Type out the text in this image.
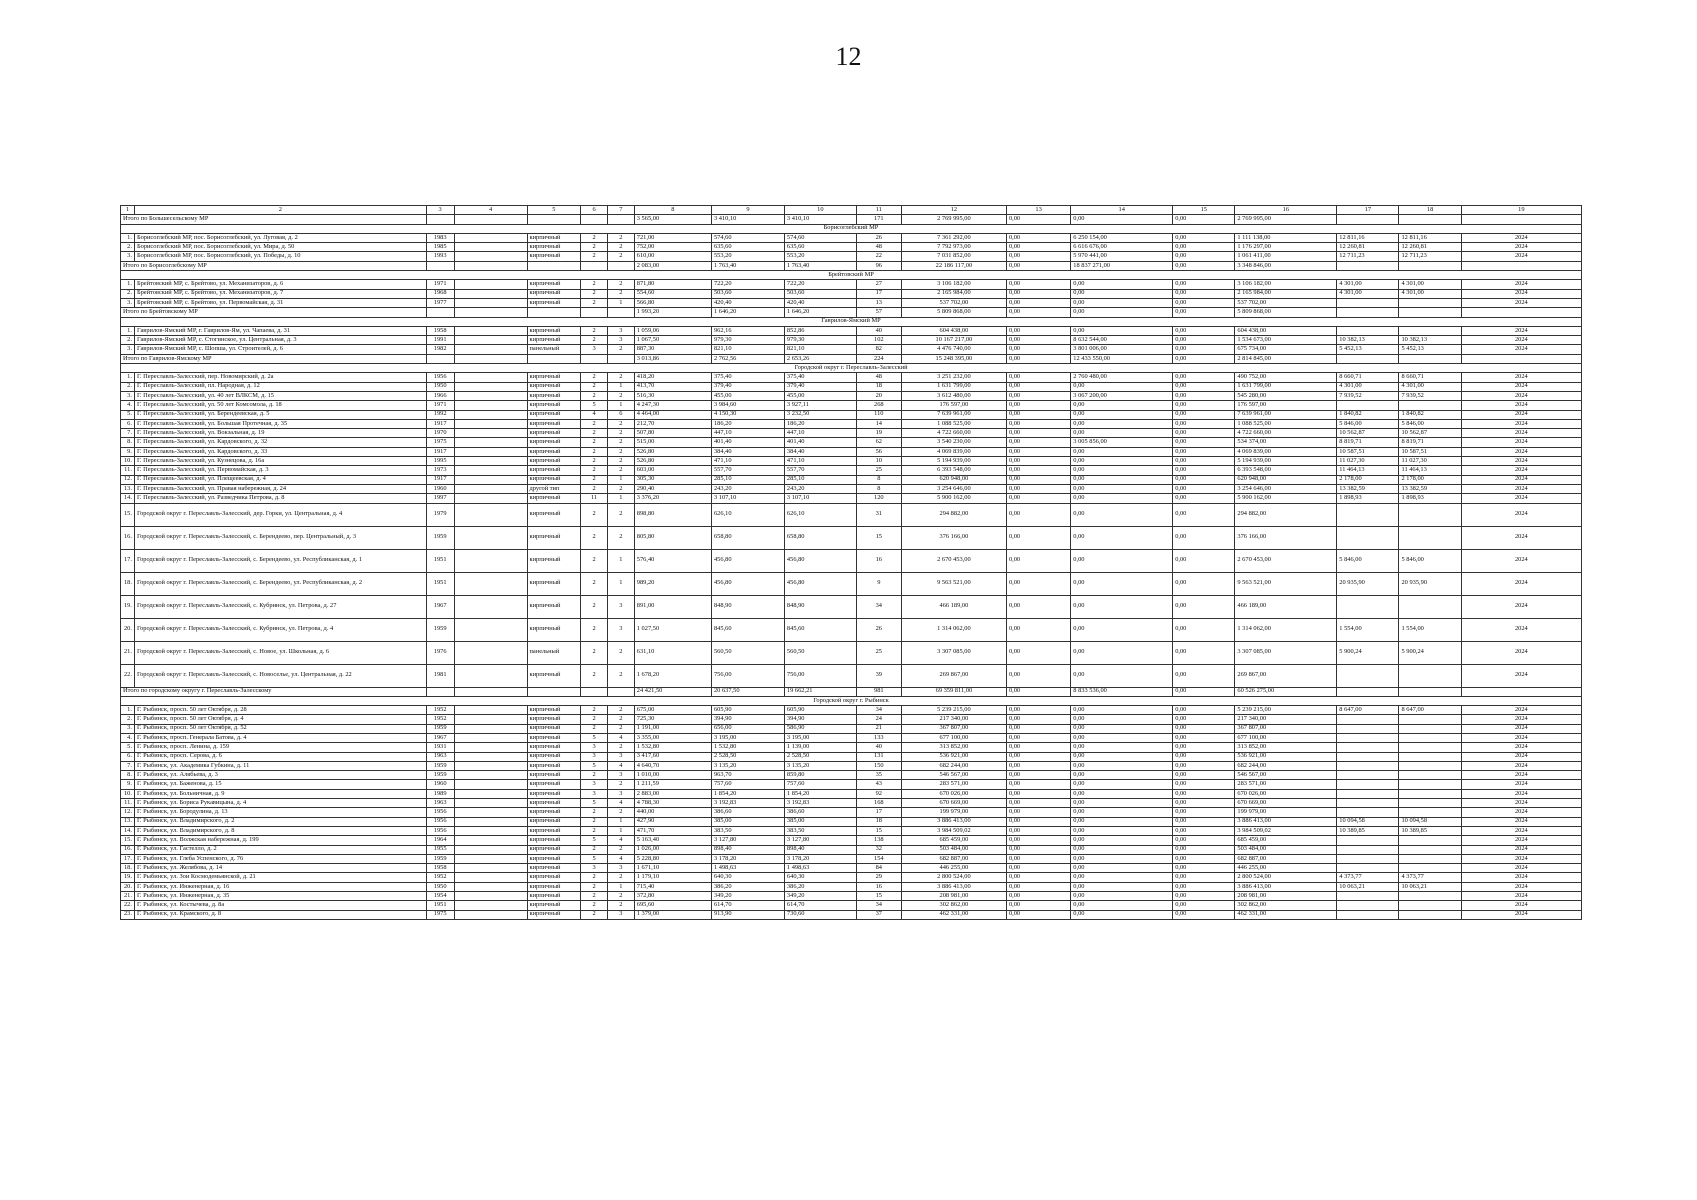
12
1	2	3	4	5	6	7	8	9	10	11	12	13	14	15	16	17	18	19
Итого по Большесельскому МР							3 565,00	3 410,10	3 410,10	171	2 769 995,00	0,00	0,00	0,00	2 769 995,00			
Борисоглебский МР																		
1.	Борисоглебский МР, пос. Борисоглебский, ул. Луговая, д. 2	1983		кирпичный	2	2	721,00	574,60	574,60	26	7 361 292,00	0,00	6 250 154,00	0,00	1 111 138,00	12 811,16	12 811,16	2024
2.	Борисоглебский МР, пос. Борисоглебский, ул. Мира, д. 50	1985		кирпичный	2	2	752,00	635,60	635,60	48	7 792 973,00	0,00	6 616 676,00	0,00	1 176 297,00	12 260,81	12 260,81	2024
3.	Борисоглебский МР, пос. Борисоглебский, ул. Победы, д. 10	1993		кирпичный	2	2	610,00	553,20	553,20	22	7 031 852,00	0,00	5 970 441,00	0,00	1 061 411,00	12 711,23	12 711,23	2024
Итого по Борисоглебскому МР							2 083,00	1 763,40	1 763,40	96	22 186 117,00	0,00	18 837 271,00	0,00	3 348 846,00			
Брейтовский МР																		
1.	Брейтовский МР, с. Брейтово, ул. Механизаторов, д. 6	1971		кирпичный	2	2	871,80	722,20	722,20	27	3 106 182,00	0,00	0,00	0,00	3 106 182,00	4 301,00	4 301,00	2024
2.	Брейтовский МР, с. Брейтово, ул. Механизаторов, д. 7	1968		кирпичный	2	2	554,60	503,60	503,60	17	2 165 984,00	0,00	0,00	0,00	2 165 984,00	4 301,00	4 301,00	2024
3.	Брейтовский МР, с. Брейтово, ул. Первомайская, д. 31	1977		кирпичный	2	1	566,80	420,40	420,40	13	537 702,00	0,00	0,00	0,00	537 702,00			2024
Итого по Брейтовскому МР							1 993,20	1 646,20	1 646,20	57	5 809 868,00	0,00	0,00	0,00	5 809 868,00			
Гаврилов-Ямский МР																		
1.	Гаврилов-Ямский МР, г. Гаврилов-Ям, ул. Чапаева, д. 31	1958		кирпичный	2	3	1 059,06	962,16	852,86	40	604 438,00	0,00	0,00	0,00	604 438,00			2024
2.	Гаврилов-Ямский МР, с. Стогинское, ул. Центральная, д. 3	1991		кирпичный	2	3	1 067,50	979,30	979,30	102	10 167 217,00	0,00	8 632 544,00	0,00	1 534 673,00	10 382,13	10 382,13	2024
3.	Гаврилов-Ямский МР, с. Шопша, ул. Строителей, д. 6	1982		панельный	3	2	887,30	821,10	821,10	82	4 476 740,00	0,00	3 801 006,00	0,00	675 734,00	5 452,13	5 452,13	2024
Итого по Гаврилов-Ямскому МР							3 013,86	2 762,56	2 653,26	224	15 248 395,00	0,00	12 433 550,00	0,00	2 814 845,00			
Городской округ г. Переславль-Залесский																		
1.	Г. Переславль-Залесский, пер. Новомирский, д. 2а	1956		кирпичный	2	2	418,20	375,40	375,40	48	3 251 232,00	0,00	2 760 480,00	0,00	490 752,00	8 660,71	8 660,71	2024
2.	Г. Переславль-Залесский, пл. Народная, д. 12	1950		кирпичный	2	1	413,70	379,40	379,40	18	1 631 799,00	0,00	0,00	0,00	1 631 799,00	4 301,00	4 301,00	2024
3.	Г. Переславль-Залесский, ул. 40 лет ВЛКСМ, д. 15	1966		кирпичный	2	2	516,30	455,00	455,00	20	3 612 480,00	0,00	3 067 200,00	0,00	545 280,00	7 939,52	7 939,52	2024
4.	Г. Переславль-Залесский, ул. 50 лет Комсомола, д. 18	1971		кирпичный	5	1	4 247,30	3 984,60	3 927,11	268	176 597,00	0,00	0,00	0,00	176 597,00			2024
5.	Г. Переславль-Залесский, ул. Берендеевская, д. 5	1992		кирпичный	4	6	4 464,00	4 150,30	3 232,50	110	7 639 961,00	0,00	0,00	0,00	7 639 961,00	1 840,82	1 840,82	2024
6.	Г. Переславль-Залесский, ул. Большая Протечная, д. 35	1917		кирпичный	2	2	212,70	186,20	186,20	14	1 088 525,00	0,00	0,00	0,00	1 088 525,00	5 846,00	5 846,00	2024
7.	Г. Переславль-Залесский, ул. Вокзальная, д. 19	1970		кирпичный	2	2	507,80	447,10	447,10	19	4 722 660,00	0,00	0,00	0,00	4 722 660,00	10 562,87	10 562,87	2024
8.	Г. Переславль-Залесский, ул. Кардовского, д. 32	1975		кирпичный	2	2	515,00	401,40	401,40	62	3 540 230,00	0,00	3 005 856,00	0,00	534 374,00	8 819,71	8 819,71	2024
9.	Г. Переславль-Залесский, ул. Кардовского, д. 33	1917		кирпичный	2	2	526,80	384,40	384,40	56	4 069 839,00	0,00	0,00	0,00	4 069 839,00	10 587,51	10 587,51	2024
10.	Г. Переславль-Залесский, ул. Кузнецова, д. 16а	1995		кирпичный	2	2	526,80	471,10	471,10	10	5 194 939,00	0,00	0,00	0,00	5 194 939,00	11 027,30	11 027,30	2024
11.	Г. Переславль-Залесский, ул. Первомайская, д. 3	1973		кирпичный	2	2	603,00	557,70	557,70	25	6 393 548,00	0,00	0,00	0,00	6 393 548,00	11 464,13	11 464,13	2024
12.	Г. Переславль-Залесский, ул. Плещеевская, д. 4	1917		кирпичный	2	1	305,30	285,10	285,10	8	620 948,00	0,00	0,00	0,00	620 948,00	2 178,00	2 178,00	2024
13.	Г. Переславль-Залесский, ул. Правая набережная, д. 24	1960		другой тип	2	2	290,40	243,20	243,20	8	3 254 646,00	0,00	0,00	0,00	3 254 646,00	13 382,59	13 382,59	2024
14.	Г. Переславль-Залесский, ул. Разведчика Петрова, д. 8	1997		кирпичный	11	1	3 376,20	3 107,10	3 107,10	120	5 900 162,00	0,00	0,00	0,00	5 900 162,00	1 898,93	1 898,93	2024
15.	Городской округ г. Переславль-Залесский, дер. Горки, ул. Центральная, д. 4	1979		кирпичный	2	2	898,80	626,10	626,10	31	294 882,00	0,00	0,00	0,00	294 882,00			2024
16.	Городской округ г. Переславль-Залесский, с. Берендеево, пер. Центральный, д. 3	1959		кирпичный	2	2	805,80	658,80	658,80	15	376 166,00	0,00	0,00	0,00	376 166,00			2024
17.	Городской округ г. Переславль-Залесский, с. Берендеево, ул. Республиканская, д. 1	1951		кирпичный	2	1	576,40	456,80	456,80	16	2 670 453,00	0,00	0,00	0,00	2 670 453,00	5 846,00	5 846,00	2024
18.	Городской округ г. Переславль-Залесский, с. Берендеево, ул. Республиканская, д. 2	1951		кирпичный	2	1	989,20	456,80	456,80	9	9 563 521,00	0,00	0,00	0,00	9 563 521,00	20 935,90	20 935,90	2024
19.	Городской округ г. Переславль-Залесский, с. Кубринск, ул. Петрова, д. 27	1967		кирпичный	2	3	891,00	848,90	848,90	34	466 189,00	0,00	0,00	0,00	466 189,00			2024
20.	Городской округ г. Переславль-Залесский, с. Кубринск, ул. Петрова, д. 4	1959		кирпичный	2	3	1 027,50	845,60	845,60	26	1 314 062,00	0,00	0,00	0,00	1 314 062,00	1 554,00	1 554,00	2024
21.	Городской округ г. Переславль-Залесский, с. Новое, ул. Школьная, д. 6	1976		панельный	2	2	631,10	560,50	560,50	25	3 307 085,00	0,00	0,00	0,00	3 307 085,00	5 900,24	5 900,24	2024
22.	Городской округ г. Переславль-Залесский, с. Новоселье, ул. Центральная, д. 22	1981		кирпичный	2	2	1 678,20	756,00	756,00	39	269 867,00	0,00	0,00	0,00	269 867,00			2024
Итого по городскому округу г. Переславль-Залесскому							24 421,50	20 637,50	19 662,21	981	69 359 811,00	0,00	8 833 536,00	0,00	60 526 275,00			
Городской округ г. Рыбинск																		
1.	Г. Рыбинск, просп. 50 лет Октября, д. 28	1952		кирпичный	2	2	675,00	605,90	605,90	34	5 239 215,00	0,00	0,00	0,00	5 239 215,00	8 647,00	8 647,00	2024
2.	Г. Рыбинск, просп. 50 лет Октября, д. 4	1952		кирпичный	2	2	725,30	394,90	394,90	24	217 340,00	0,00	0,00	0,00	217 340,00			2024
3.	Г. Рыбинск, просп. 50 лет Октября, д. 52	1959		кирпичный	2	2	1 191,00	656,00	586,90	21	367 807,00	0,00	0,00	0,00	367 807,00			2024
4.	Г. Рыбинск, просп. Генерала Батова, д. 4	1967		кирпичный	5	4	3 355,00	3 195,00	3 195,00	133	677 100,00	0,00	0,00	0,00	677 100,00			2024
5.	Г. Рыбинск, просп. Ленина, д. 159	1931		кирпичный	3	2	1 532,80	1 532,80	1 139,00	40	313 852,00	0,00	0,00	0,00	313 852,00			2024
6.	Г. Рыбинск, просп. Серова, д. 6	1963		кирпичный	3	3	3 417,60	2 528,50	2 528,50	131	536 921,00	0,00	0,00	0,00	536 921,00			2024
7.	Г. Рыбинск, ул. Академика Губкина, д. 11	1959		кирпичный	5	4	4 640,70	3 135,20	3 135,20	150	682 244,00	0,00	0,00	0,00	682 244,00			2024
8.	Г. Рыбинск, ул. Алябьева, д. 3	1959		кирпичный	2	3	1 010,00	963,70	859,80	35	546 567,00	0,00	0,00	0,00	546 567,00			2024
9.	Г. Рыбинск, ул. Баженова, д. 15	1960		кирпичный	3	2	1 211,59	757,60	757,60	43	283 571,00	0,00	0,00	0,00	283 571,00			2024
10.	Г. Рыбинск, ул. Больничная, д. 9	1989		кирпичный	3	3	2 883,00	1 854,20	1 854,20	92	670 026,00	0,00	0,00	0,00	670 026,00			2024
11.	Г. Рыбинск, ул. Бориса Рукавицына, д. 4	1963		кирпичный	5	4	4 788,30	3 192,83	3 192,83	168	670 669,00	0,00	0,00	0,00	670 669,00			2024
12.	Г. Рыбинск, ул. Бородулина, д. 13	1956		кирпичный	2	2	440,00	386,60	386,60	17	199 979,00	0,00	0,00	0,00	199 979,00			2024
13.	Г. Рыбинск, ул. Владимирского, д. 2	1956		кирпичный	2	1	427,90	385,00	385,00	18	3 886 413,00	0,00	0,00	0,00	3 886 413,00	10 094,58	10 094,58	2024
14.	Г. Рыбинск, ул. Владимирского, д. 8	1956		кирпичный	2	1	471,70	383,50	383,50	15	3 984 509,02	0,00	0,00	0,00	3 984 509,02	10 389,85	10 389,85	2024
15.	Г. Рыбинск, ул. Волжская набережная, д. 199	1964		кирпичный	5	4	5 163,40	3 127,80	3 127,80	138	685 459,00	0,00	0,00	0,00	685 459,00			2024
16.	Г. Рыбинск, ул. Гастелло, д. 2	1955		кирпичный	2	2	1 026,00	898,40	898,40	32	503 484,00	0,00	0,00	0,00	503 484,00			2024
17.	Г. Рыбинск, ул. Глеба Успенского, д. 76	1959		кирпичный	5	4	5 228,80	3 178,20	3 178,20	154	682 887,00	0,00	0,00	0,00	682 887,00			2024
18.	Г. Рыбинск, ул. Желябова, д. 14	1958		кирпичный	3	3	1 671,10	1 498,63	1 498,63	84	446 255,00	0,00	0,00	0,00	446 255,00			2024
19.	Г. Рыбинск, ул. Зои Космодемьянской, д. 21	1952		кирпичный	2	2	1 179,10	640,30	640,30	29	2 800 524,00	0,00	0,00	0,00	2 800 524,00	4 373,77	4 373,77	2024
20.	Г. Рыбинск, ул. Инженерная, д. 16	1950		кирпичный	2	1	715,40	386,20	386,20	16	3 886 413,00	0,00	0,00	0,00	3 886 413,00	10 063,21	10 063,21	2024
21.	Г. Рыбинск, ул. Инженерная, д. 35	1954		кирпичный	2	2	372,80	349,20	349,20	15	208 981,00	0,00	0,00	0,00	208 981,00			2024
22.	Г. Рыбинск, ул. Костычева, д. 8а	1951		кирпичный	2	2	695,60	614,70	614,70	34	302 862,00	0,00	0,00	0,00	302 862,00			2024
23.	Г. Рыбинск, ул. Крамского, д. 8	1975		кирпичный	2	3	1 379,00	913,90	730,60	37	462 331,00	0,00	0,00	0,00	462 331,00			2024
